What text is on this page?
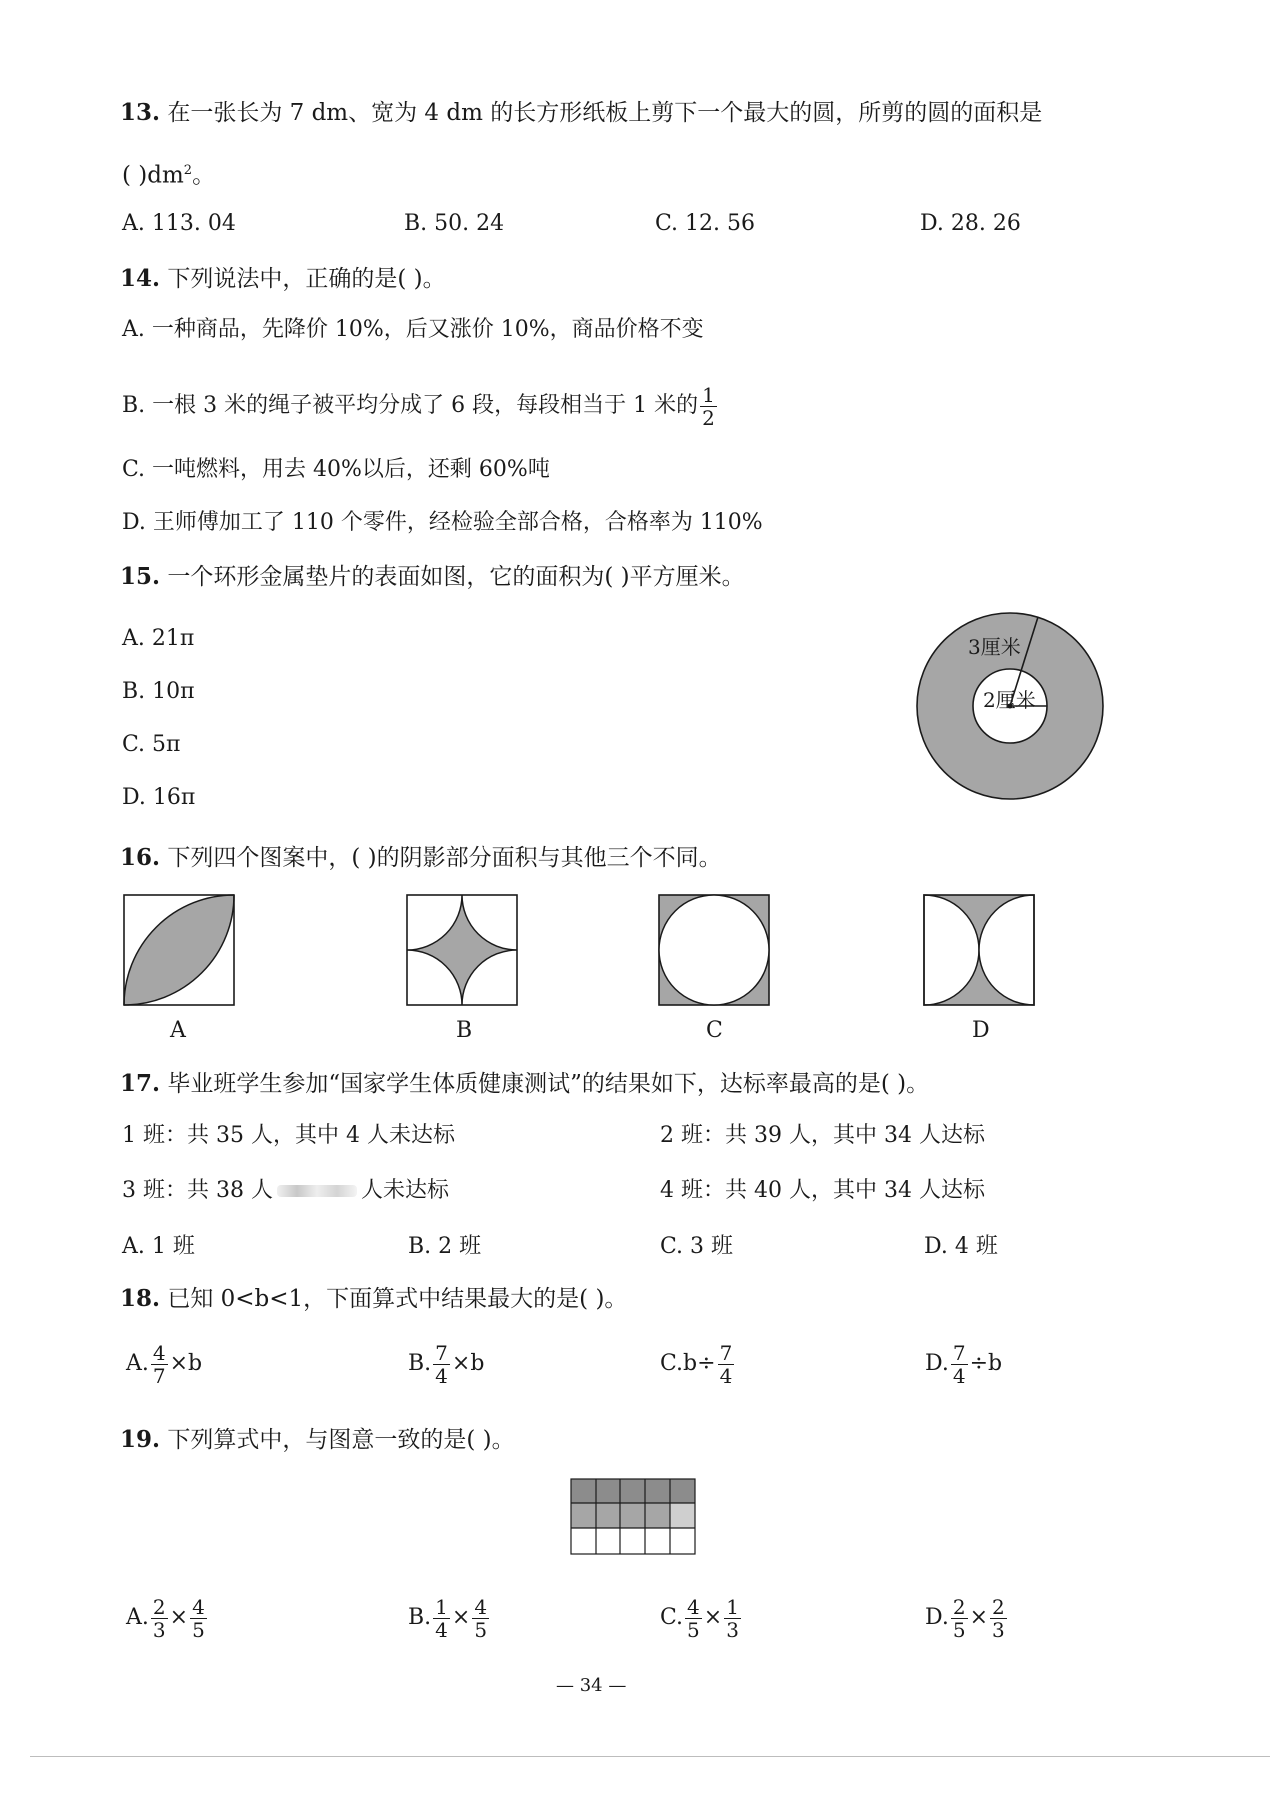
13. 在一张长为 7 dm、宽为 4 dm 的长方形纸板上剪下一个最大的圆，所剪的圆的面积是
( )$dm^2$。
A. 113. 04	B. 50. 24	C. 12. 56	D. 28. 26
14. 下列说法中，正确的是( )。
A. 一种商品，先降价 10%，后又涨价 10%，商品价格不变
B. 一根 3 米的绳子被平均分成了 6 段，每段相当于 1 米的 $\frac{1}{2}$
C. 一吨燃料，用去 40%以后，还剩 60%吨
D. 王师傅加工了 110 个零件，经检验全部合格，合格率为 110%
15. 一个环形金属垫片的表面如图，它的面积为( )平方厘米。
A. 21π
B. 10π
C. 5π
D. 16π
3厘米
2厘米
16. 下列四个图案中，( )的阴影部分面积与其他三个不同。
A	B	C	D
17. 毕业班学生参加“国家学生体质健康测试”的结果如下，达标率最高的是( )。
1 班：共 35 人，其中 4 人未达标	2 班：共 39 人，其中 34 人达标
3 班：共 38 人	人未达标	4 班：共 40 人，其中 34 人达标
A. 1 班	B. 2 班	C. 3 班	D. 4 班
18. 已知 0<b<1，下面算式中结果最大的是( )。
A. $\frac{4}{7} \times b$	B. $\frac{7}{4} \times b$	$C.b\div \frac{7}{4}$	D. $\frac{7}{4} \div b$
19. 下列算式中，与图意一致的是( )。
A. $\frac{2}{3} \times \frac{4}{5}$	B. $\frac{1}{4} \times \frac{4}{5}$	C. $\frac{4}{5} \times \frac{1}{3}$	D. $\frac{2}{5} \times \frac{2}{3}$
— 34 —
